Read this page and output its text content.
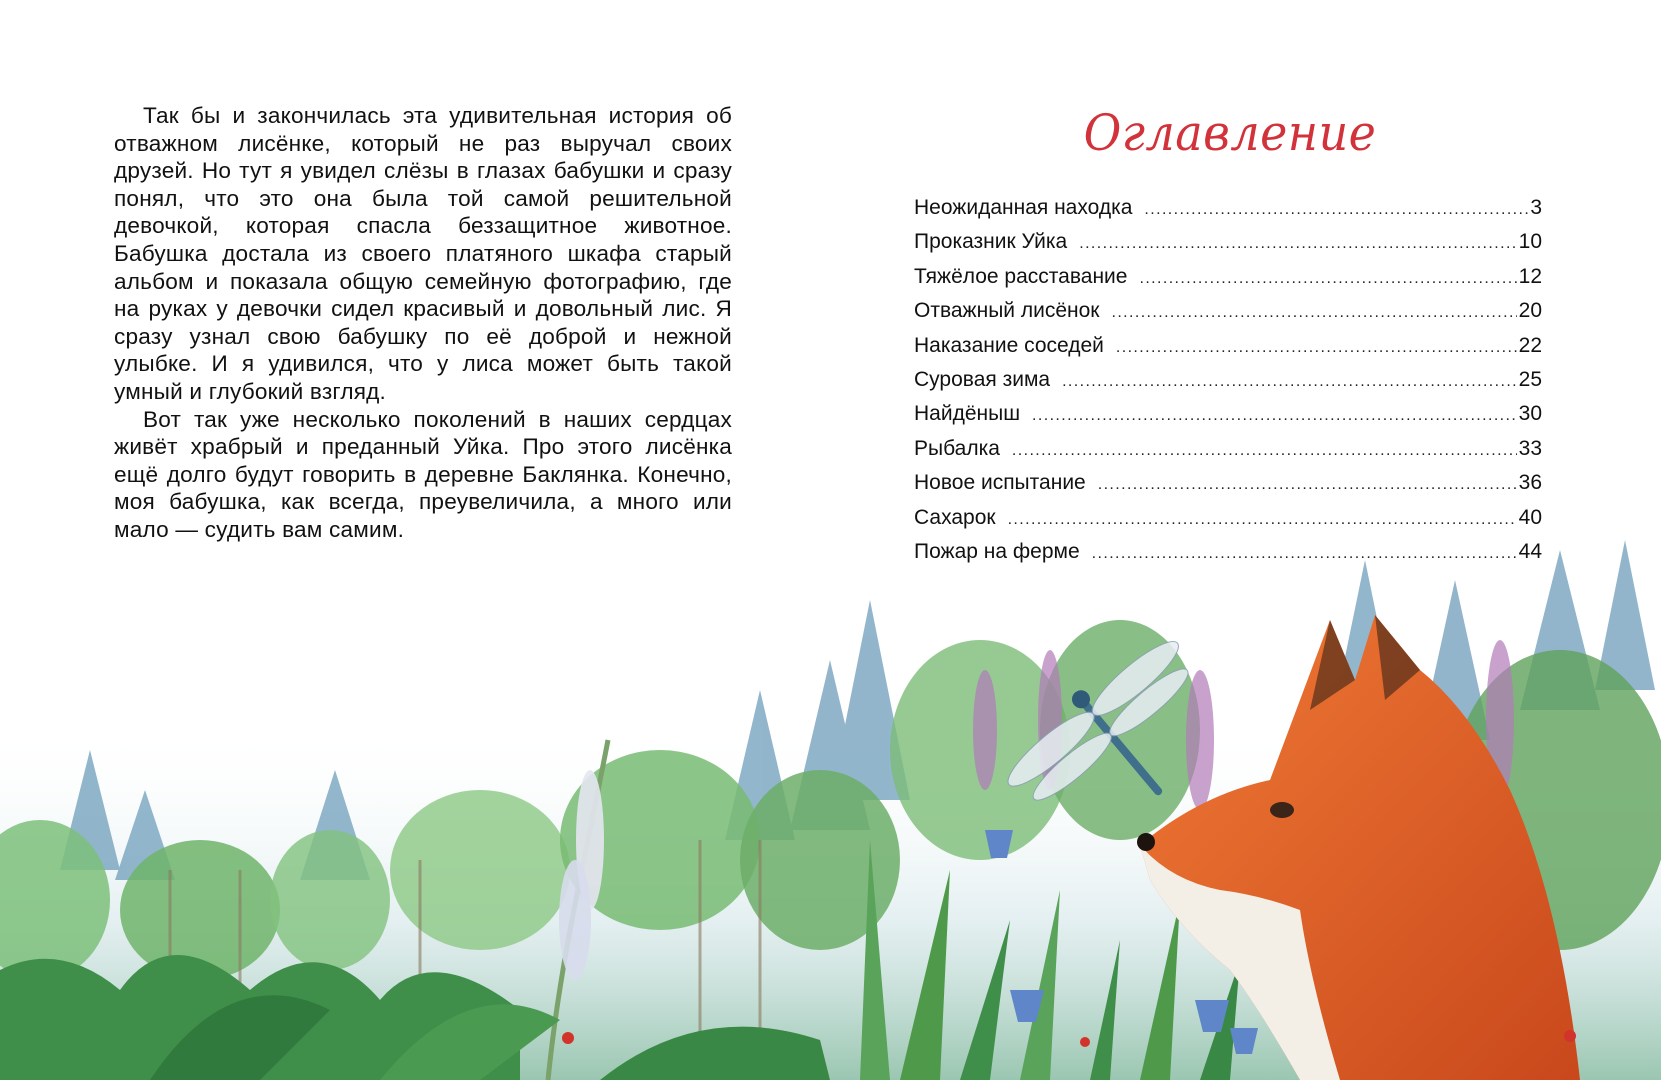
Так бы и закончилась эта удивительная история об отважном лисёнке, который не раз выручал своих друзей. Но тут я увидел слёзы в глазах бабушки и сразу понял, что это она была той самой решительной девочкой, которая спасла беззащитное животное. Бабушка достала из своего платяного шкафа старый альбом и показала общую семейную фотографию, где на руках у девочки сидел красивый и довольный лис. Я сразу узнал свою бабушку по её доброй и нежной улыбке. И я удивился, что у лиса может быть такой умный и глубокий взгляд.

Вот так уже несколько поколений в наших сердцах живёт храбрый и преданный Уйка. Про этого лисёнка ещё долго будут говорить в деревне Баклянка. Конечно, моя бабушка, как всегда, преувеличила, а много или мало — судить вам самим.

Оглавление
Неожиданная находка .....	3
Проказник Уйка .....	10
Тяжёлое расставание .....	12
Отважный лисёнок .....	20
Наказание соседей .....	22
Суровая зима .....	25
Найдёныш .....	30
Рыбалка .....	33
Новое испытание .....	36
Сахарок .....	40
Пожар на ферме .....	44
